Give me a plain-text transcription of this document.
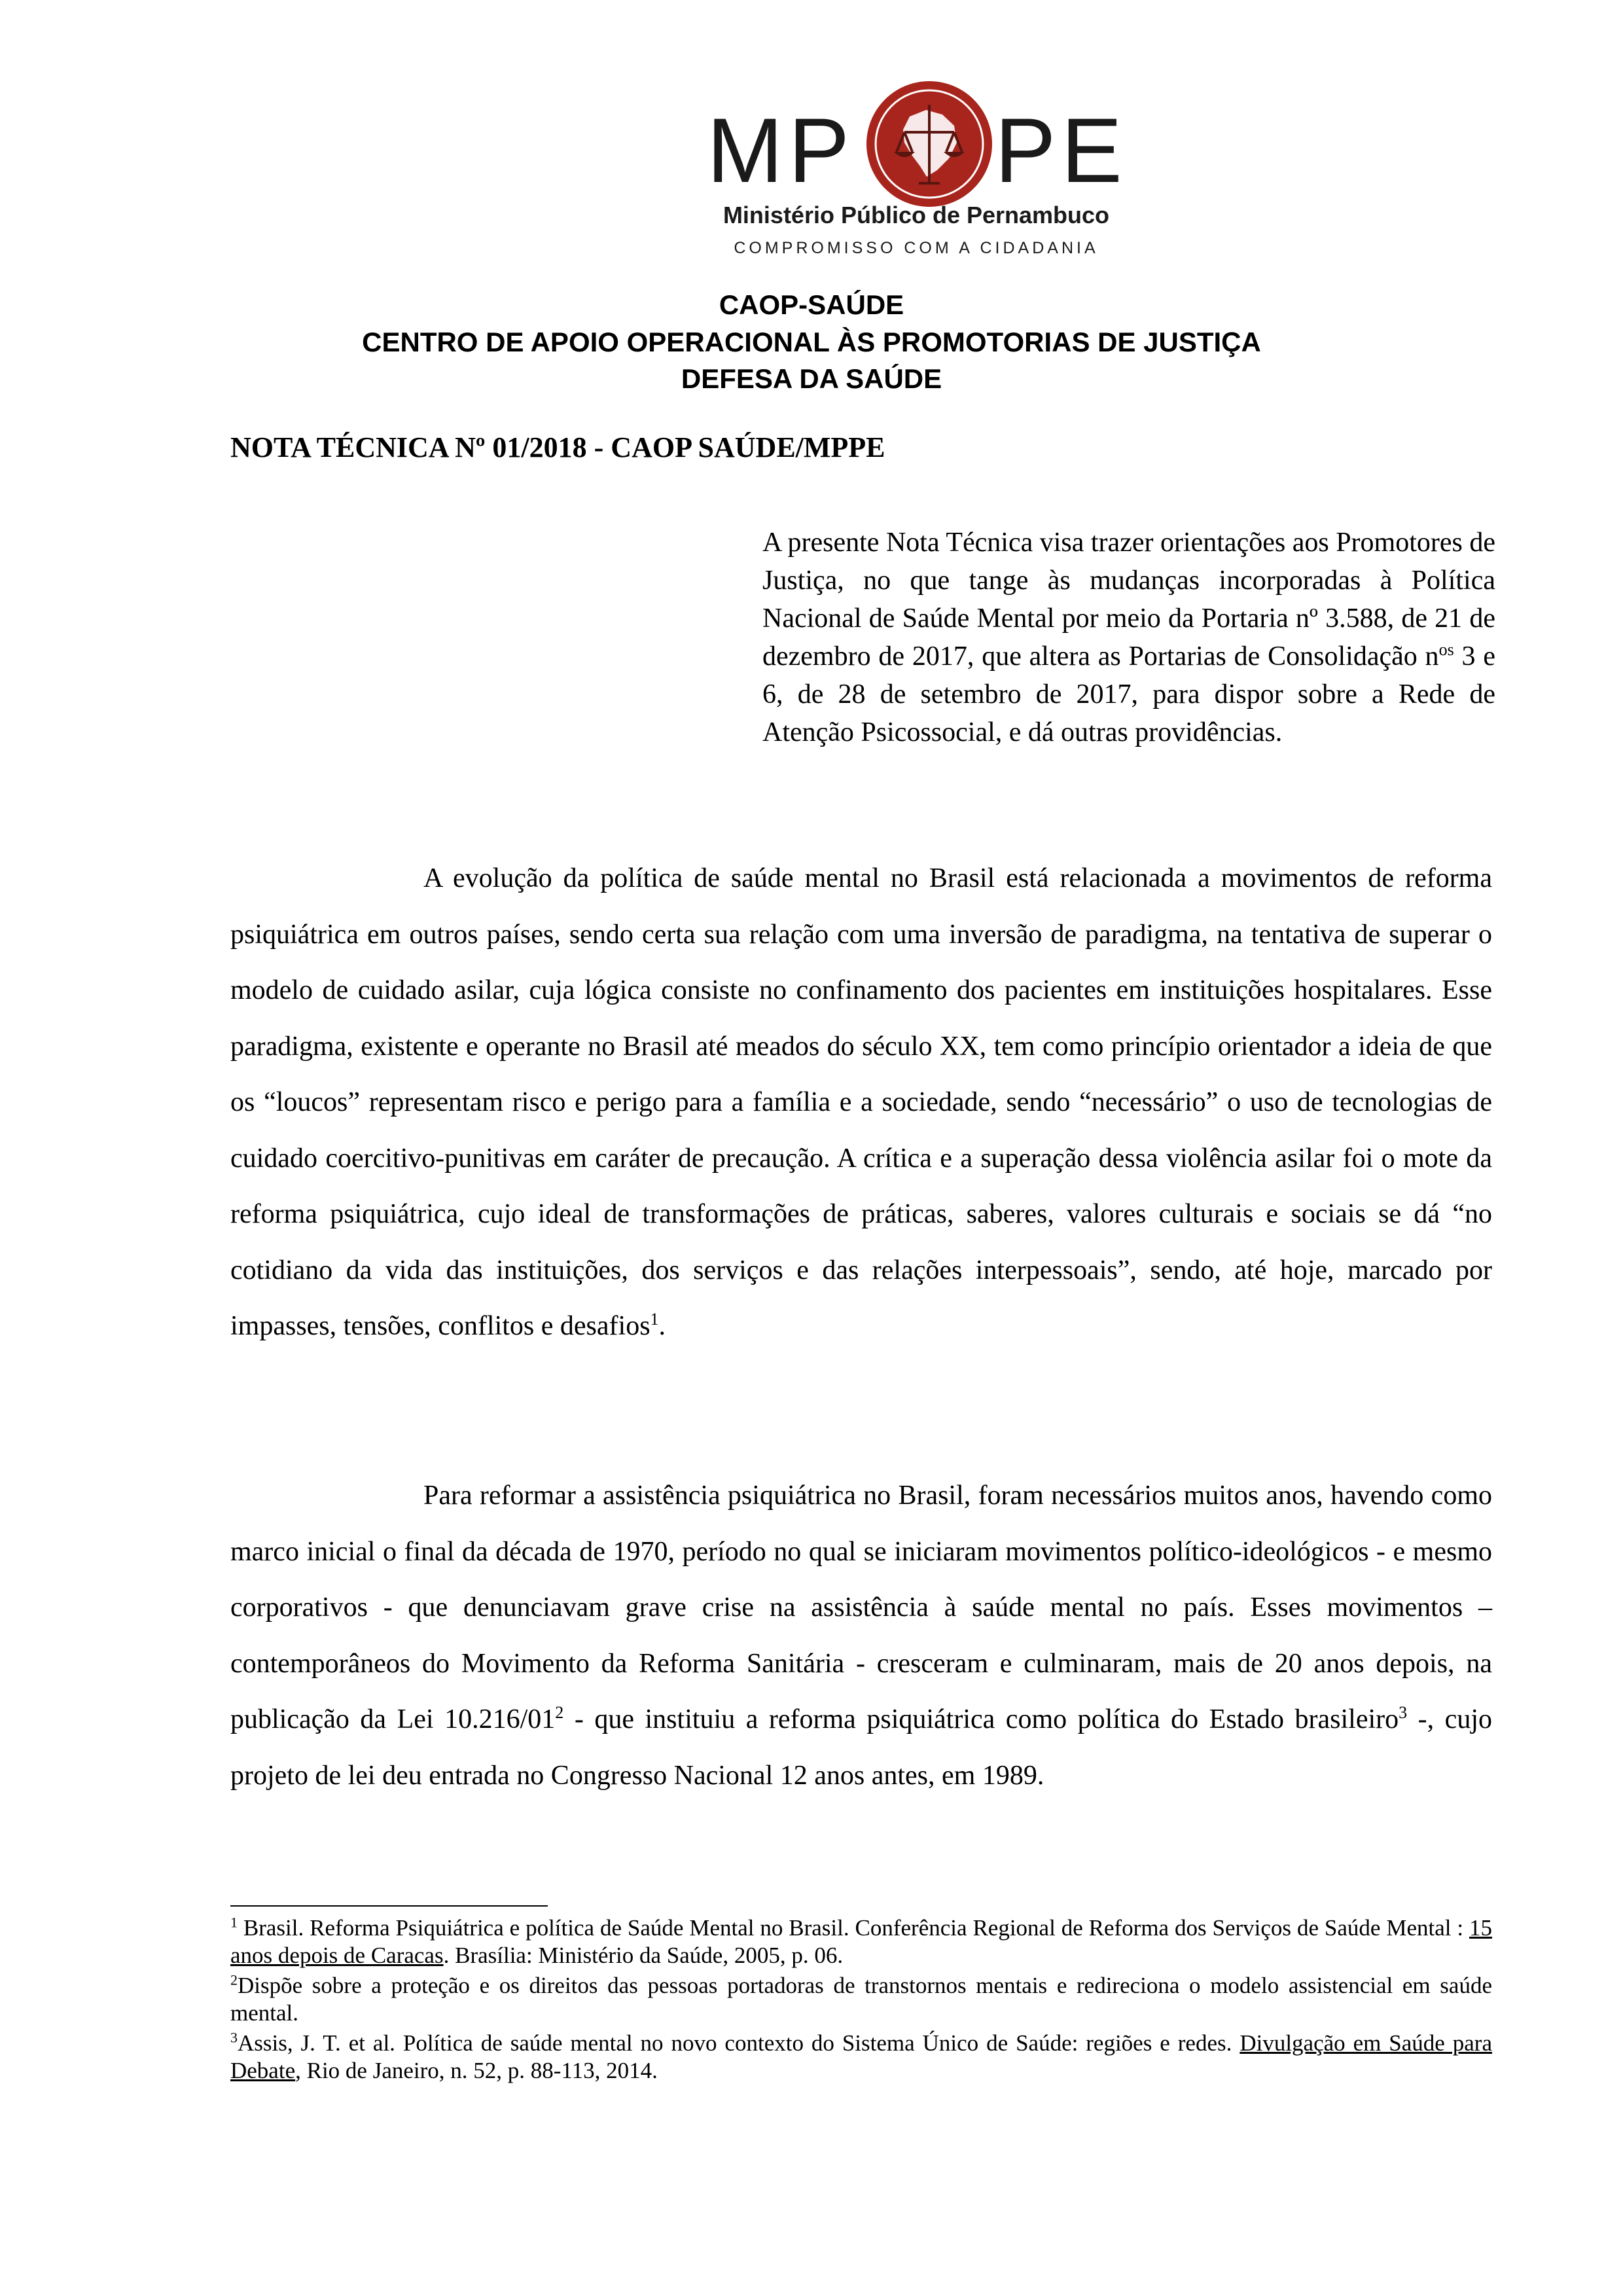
MP PE
Ministério Público de Pernambuco
COMPROMISSO COM A CIDADANIA
CAOP-SAÚDE
CENTRO DE APOIO OPERACIONAL ÀS PROMOTORIAS DE JUSTIÇA
DEFESA DA SAÚDE
NOTA TÉCNICA Nº 01/2018 - CAOP SAÚDE/MPPE

A presente Nota Técnica visa trazer orientações aos Promotores de Justiça, no que tange às mudanças incorporadas à Política Nacional de Saúde Mental por meio da Portaria nº 3.588, de 21 de dezembro de 2017, que altera as Portarias de Consolidação $n^{os}$ 3 e 6, de 28 de setembro de 2017, para dispor sobre a Rede de Atenção Psicossocial, e dá outras providências.

A evolução da política de saúde mental no Brasil está relacionada a movimentos de reforma psiquiátrica em outros países, sendo certa sua relação com uma inversão de paradigma, na tentativa de superar o modelo de cuidado asilar, cuja lógica consiste no confinamento dos pacientes em instituições hospitalares. Esse paradigma, existente e operante no Brasil até meados do século XX, tem como princípio orientador a ideia de que os “loucos” representam risco e perigo para a família e a sociedade, sendo “necessário” o uso de tecnologias de cuidado coercitivo-punitivas em caráter de precaução. A crítica e a superação dessa violência asilar foi o mote da reforma psiquiátrica, cujo ideal de transformações de práticas, saberes, valores culturais e sociais se dá “no cotidiano da vida das instituições, dos serviços e das relações interpessoais”, sendo, até hoje, marcado por impasses, tensões, conflitos e desafios$^1$.

Para reformar a assistência psiquiátrica no Brasil, foram necessários muitos anos, havendo como marco inicial o final da década de 1970, período no qual se iniciaram movimentos político-ideológicos - e mesmo corporativos - que denunciavam grave crise na assistência à saúde mental no país. Esses movimentos – contemporâneos do Movimento da Reforma Sanitária - cresceram e culminaram, mais de 20 anos depois, na publicação da Lei $10.216/01^2$ - que instituiu a reforma psiquiátrica como política do Estado brasileiro$^3$ -, cujo projeto de lei deu entrada no Congresso Nacional 12 anos antes, em 1989.

$^1$ Brasil. Reforma Psiquiátrica e política de Saúde Mental no Brasil. Conferência Regional de Reforma dos Serviços de Saúde Mental : 15 anos depois de Caracas. Brasília: Ministério da Saúde, 2005, p. 06.

$^2$Dispõe sobre a proteção e os direitos das pessoas portadoras de transtornos mentais e redireciona o modelo assistencial em saúde mental.

$^3$Assis, J. T. et al. Política de saúde mental no novo contexto do Sistema Único de Saúde: regiões e redes. Divulgação em Saúde para Debate, Rio de Janeiro, n. 52, p. 88-113, 2014.
